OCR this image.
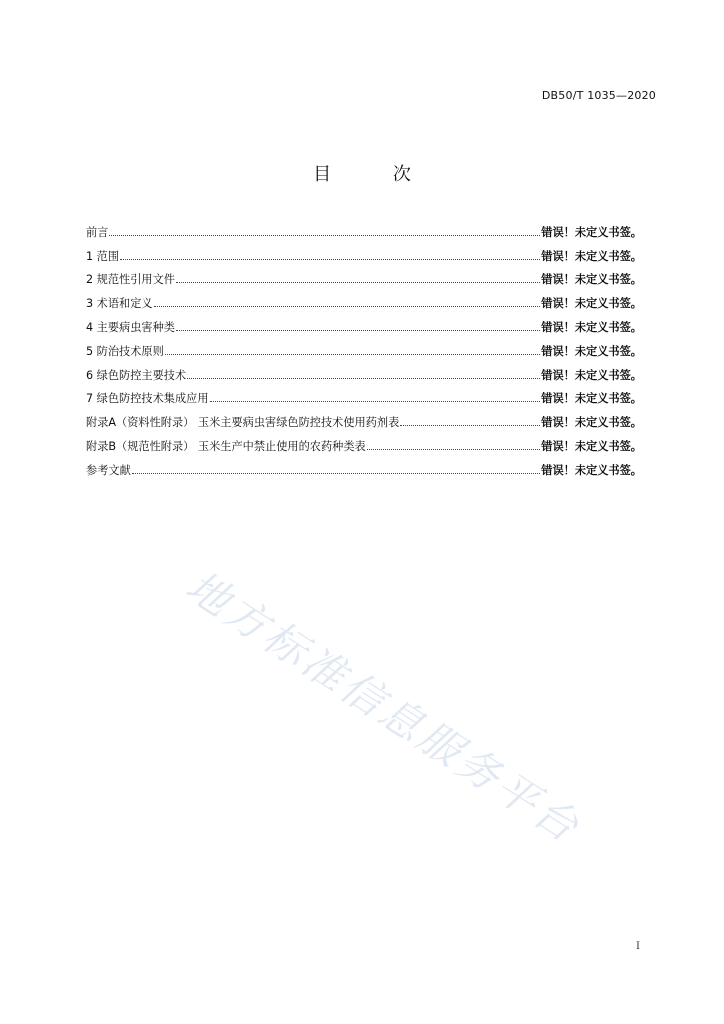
DB50/T 1035—2020
目 次
前言	错误！未定义书签。
1 范围	错误！未定义书签。
2 规范性引用文件	错误！未定义书签。
3 术语和定义	错误！未定义书签。
4 主要病虫害种类	错误！未定义书签。
5 防治技术原则	错误！未定义书签。
6 绿色防控主要技术	错误！未定义书签。
7 绿色防控技术集成应用	错误！未定义书签。
附录A（资料性附录） 玉米主要病虫害绿色防控技术使用药剂表	错误！未定义书签。
附录B（规范性附录） 玉米生产中禁止使用的农药种类表	错误！未定义书签。
参考文献	错误！未定义书签。
地方标准信息服务平台
I
